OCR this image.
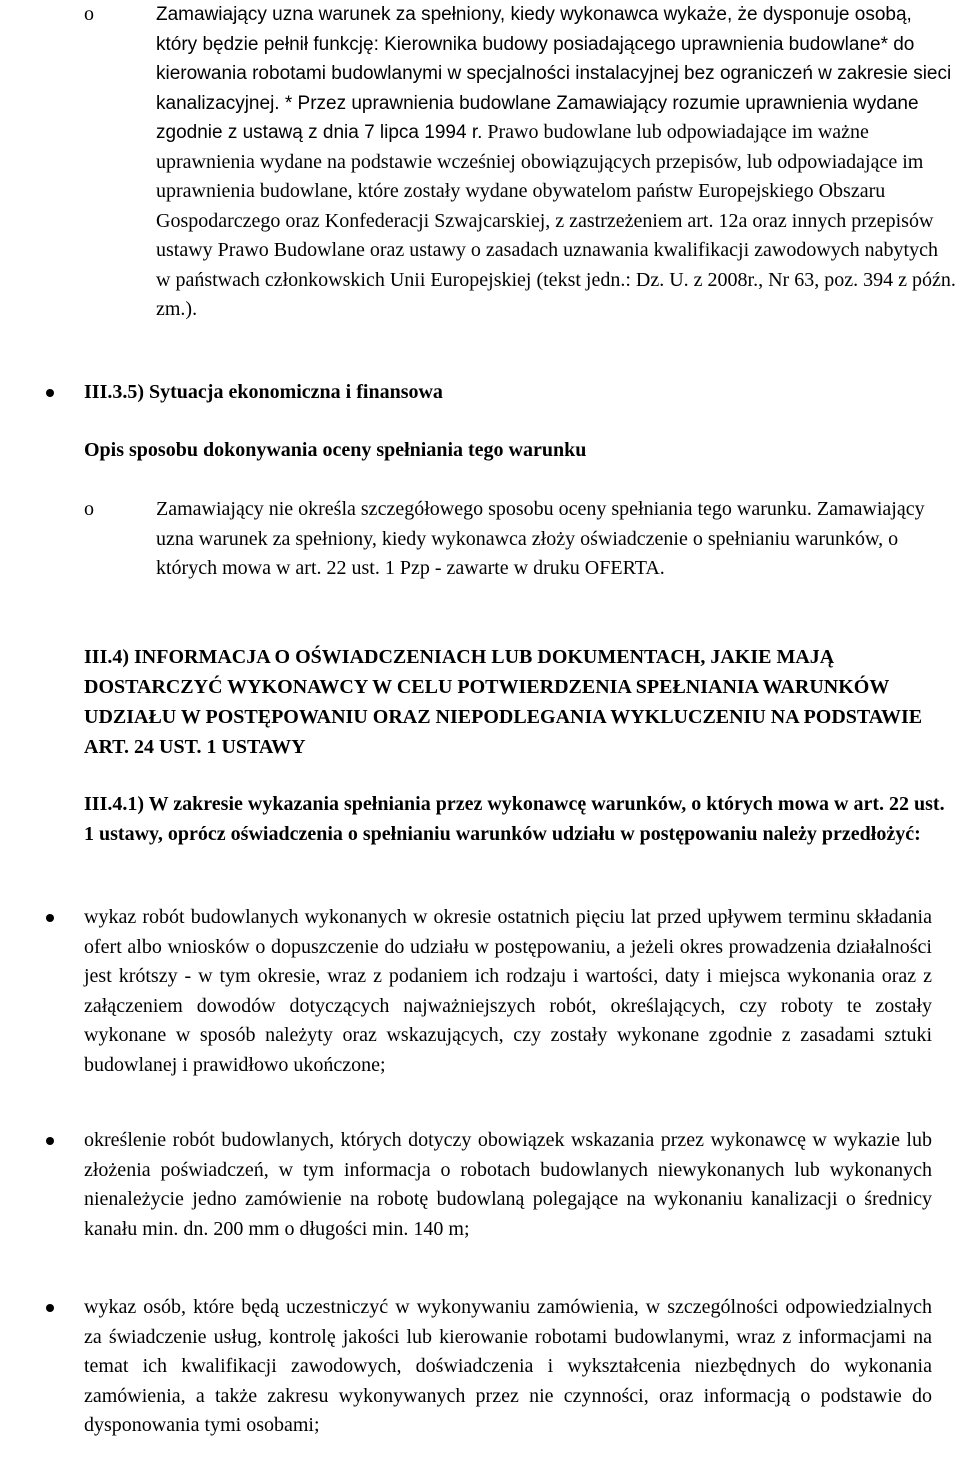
o	Zamawiający uzna warunek za spełniony, kiedy wykonawca wykaże, że dysponuje osobą, który będzie pełnił funkcję: Kierownika budowy posiadającego uprawnienia budowlane* do kierowania robotami budowlanymi w specjalności instalacyjnej bez ograniczeń w zakresie sieci kanalizacyjnej. * Przez uprawnienia budowlane Zamawiający rozumie uprawnienia wydane zgodnie z ustawą z dnia 7 lipca 1994 r. Prawo budowlane lub odpowiadające im ważne uprawnienia wydane na podstawie wcześniej obowiązujących przepisów, lub odpowiadające im uprawnienia budowlane, które zostały wydane obywatelom państw Europejskiego Obszaru Gospodarczego oraz Konfederacji Szwajcarskiej, z zastrzeżeniem art. 12a oraz innych przepisów ustawy Prawo Budowlane oraz ustawy o zasadach uznawania kwalifikacji zawodowych nabytych w państwach członkowskich Unii Europejskiej (tekst jedn.: Dz. U. z 2008r., Nr 63, poz. 394 z późn. zm.).

III.3.5) Sytuacja ekonomiczna i finansowa

Opis sposobu dokonywania oceny spełniania tego warunku

o	Zamawiający nie określa szczegółowego sposobu oceny spełniania tego warunku. Zamawiający uzna warunek za spełniony, kiedy wykonawca złoży oświadczenie o spełnianiu warunków, o których mowa w art. 22 ust. 1 Pzp - zawarte w druku OFERTA.

III.4) INFORMACJA O OŚWIADCZENIACH LUB DOKUMENTACH, JAKIE MAJĄ DOSTARCZYĆ WYKONAWCY W CELU POTWIERDZENIA SPEŁNIANIA WARUNKÓW UDZIAŁU W POSTĘPOWANIU ORAZ NIEPODLEGANIA WYKLUCZENIU NA PODSTAWIE ART. 24 UST. 1 USTAWY

III.4.1) W zakresie wykazania spełniania przez wykonawcę warunków, o których mowa w art. 22 ust. 1 ustawy, oprócz oświadczenia o spełnianiu warunków udziału w postępowaniu należy przedłożyć:

wykaz robót budowlanych wykonanych w okresie ostatnich pięciu lat przed upływem terminu składania ofert albo wniosków o dopuszczenie do udziału w postępowaniu, a jeżeli okres prowadzenia działalności jest krótszy - w tym okresie, wraz z podaniem ich rodzaju i wartości, daty i miejsca wykonania oraz z załączeniem dowodów dotyczących najważniejszych robót, określających, czy roboty te zostały wykonane w sposób należyty oraz wskazujących, czy zostały wykonane zgodnie z zasadami sztuki budowlanej i prawidłowo ukończone;

określenie robót budowlanych, których dotyczy obowiązek wskazania przez wykonawcę w wykazie lub złożenia poświadczeń, w tym informacja o robotach budowlanych niewykonanych lub wykonanych nienależycie jedno zamówienie na robotę budowlaną polegające na wykonaniu kanalizacji o średnicy kanału min. dn. 200 mm o długości min. 140 m;

wykaz osób, które będą uczestniczyć w wykonywaniu zamówienia, w szczególności odpowiedzialnych za świadczenie usług, kontrolę jakości lub kierowanie robotami budowlanymi, wraz z informacjami na temat ich kwalifikacji zawodowych, doświadczenia i wykształcenia niezbędnych do wykonania zamówienia, a także zakresu wykonywanych przez nie czynności, oraz informacją o podstawie do dysponowania tymi osobami;
